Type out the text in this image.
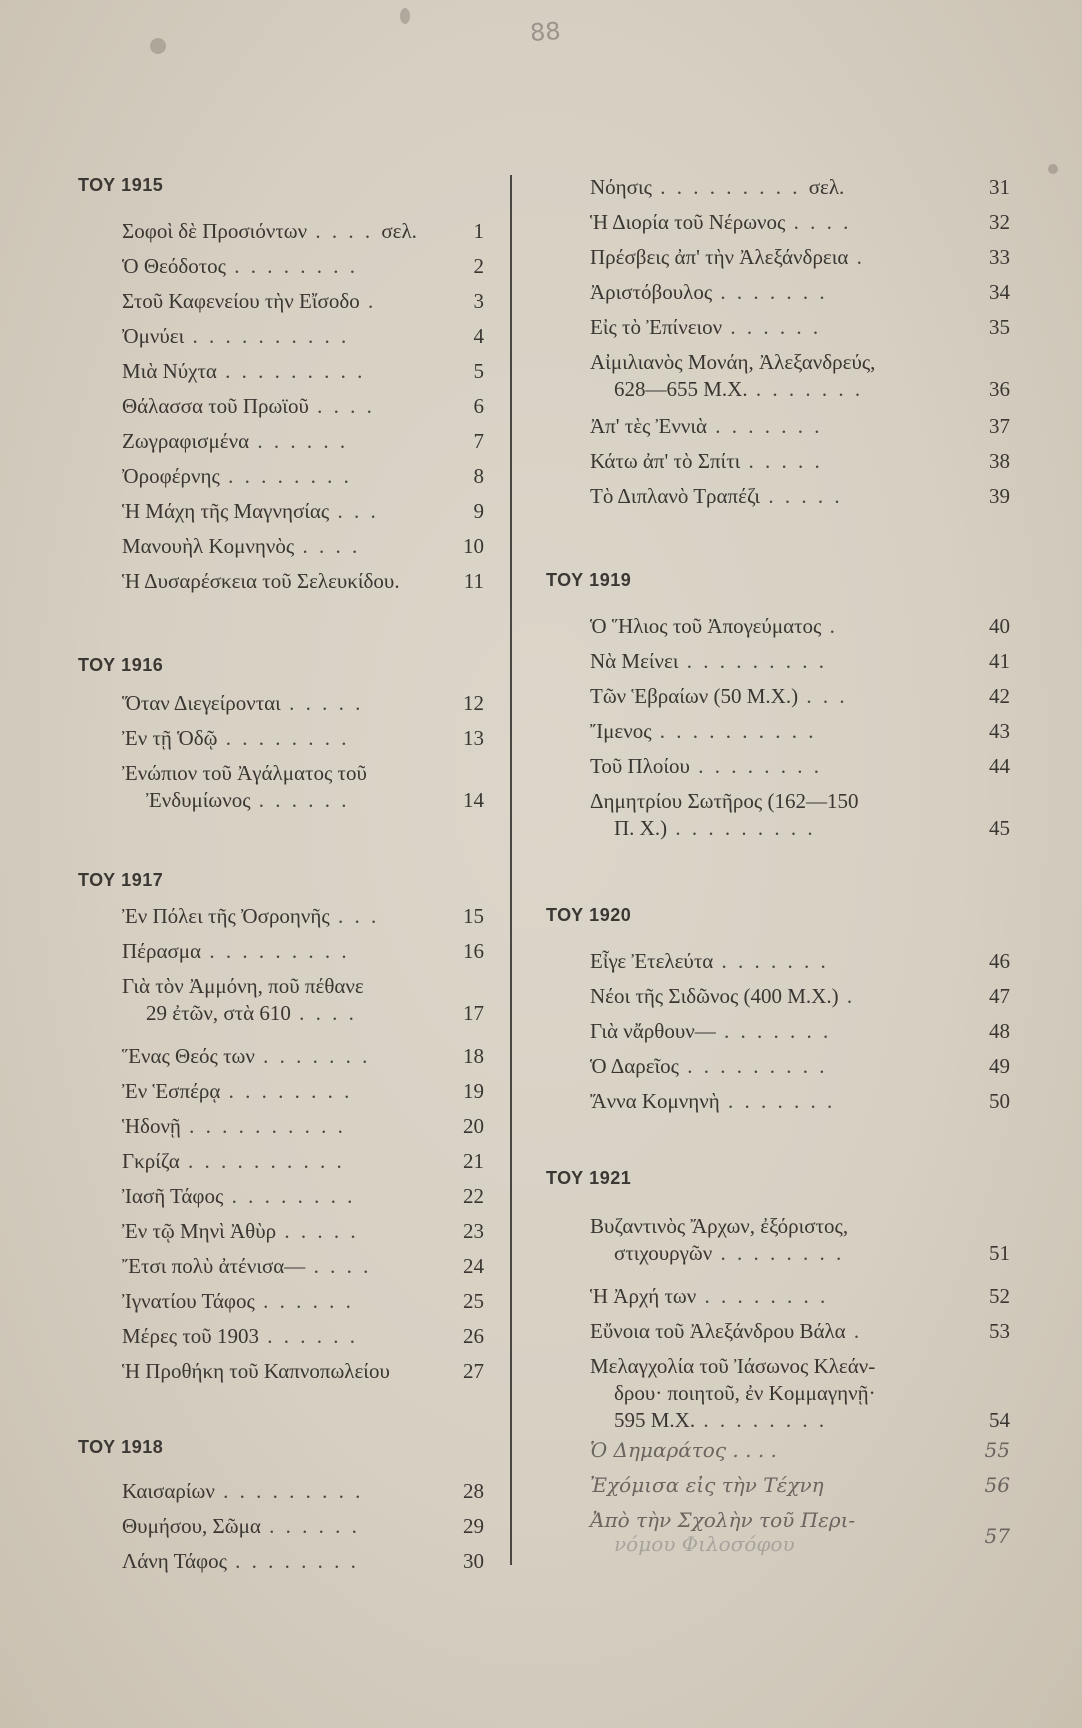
88
ΤΟΥ 1915
Σοφοὶ δὲ Προσιόντων . . . . σελ.	1
Ὁ Θεόδοτος . . . . . . . .	2
Στοῦ Καφενείου τὴν Εἴσοδο .	3
Ὀμνύει . . . . . . . . . .	4
Μιὰ Νύχτα . . . . . . . . .	5
Θάλασσα τοῦ Πρωϊοῦ . . . .	6
Ζωγραφισμένα . . . . . .	7
Ὀροφέρνης . . . . . . . .	8
Ἡ Μάχη τῆς Μαγνησίας . . .	9
Μανουὴλ Κομνηνὸς . . . .	10
Ἡ Δυσαρέσκεια τοῦ Σελευκίδου.	11
ΤΟΥ 1916
Ὅταν Διεγείρονται . . . . .	12
Ἐν τῇ Ὁδῷ . . . . . . . .	13
Ἐνώπιον τοῦ Ἀγάλματος τοῦ
Ἐνδυμίωνος . . . . . .	14
ΤΟΥ 1917
Ἐν Πόλει τῆς Ὀσροηνῆς . . .	15
Πέρασμα . . . . . . . . .	16
Γιὰ τὸν Ἀμμόνη, ποῦ πέθανε
29 ἐτῶν, στὰ 610 . . . .	17
Ἕνας Θεός των . . . . . . .	18
Ἐν Ἑσπέρᾳ . . . . . . . .	19
Ἡδονῇ . . . . . . . . . .	20
Γκρίζα . . . . . . . . . .	21
Ἰασῆ Τάφος . . . . . . . .	22
Ἐν τῷ Μηνὶ Ἀθὺρ . . . . .	23
Ἔτσι πολὺ ἀτένισα— . . . .	24
Ἰγνατίου Τάφος . . . . . .	25
Μέρες τοῦ 1903 . . . . . .	26
Ἡ Προθήκη τοῦ Καπνοπωλείου	27
ΤΟΥ 1918
Καισαρίων . . . . . . . . .	28
Θυμήσου, Σῶμα . . . . . .	29
Λάνη Τάφος . . . . . . . .	30
Νόησις . . . . . . . . . σελ.	31
Ἡ Διορία τοῦ Νέρωνος . . . .	32
Πρέσβεις ἀπ' τὴν Ἀλεξάνδρεια .	33
Ἀριστόβουλος . . . . . . .	34
Εἰς τὸ Ἐπίνειον . . . . . .	35
Αἰμιλιανὸς Μονάη, Ἀλεξανδρεύς,
628—655 Μ.Χ. . . . . . . .	36
Ἀπ' τὲς Ἐννιὰ . . . . . . .	37
Κάτω ἀπ' τὸ Σπίτι . . . . .	38
Τὸ Διπλανὸ Τραπέζι . . . . .	39
ΤΟΥ 1919
Ὁ Ἥλιος τοῦ Ἀπογεύματος .	40
Νὰ Μείνει . . . . . . . . .	41
Τῶν Ἑβραίων (50 Μ.Χ.) . . .	42
Ἴμενος . . . . . . . . . .	43
Τοῦ Πλοίου . . . . . . . .	44
Δημητρίου Σωτῆρος (162—150
Π. Χ.) . . . . . . . . .	45
ΤΟΥ 1920
Εἶγε Ἐτελεύτα . . . . . . .	46
Νέοι τῆς Σιδῶνος (400 Μ.Χ.) .	47
Γιὰ νἄρθουν— . . . . . . .	48
Ὁ Δαρεῖος . . . . . . . . .	49
Ἄννα Κομνηνὴ . . . . . . .	50
ΤΟΥ 1921
Βυζαντινὸς Ἄρχων, ἐξόριστος,
στιχουργῶν . . . . . . . .	51
Ἡ Ἀρχή των . . . . . . . .	52
Εὔνοια τοῦ Ἀλεξάνδρου Βάλα .	53
Μελαγχολία τοῦ Ἰάσωνος Κλεάν-
δρου· ποιητοῦ, ἐν Κομμαγηνῇ·
595 Μ.Χ. . . . . . . . .	54
Ὁ Δημαράτος . . . .	55
Ἐχόμισα εἰς τὴν Τέχνη	56
Ἀπὸ τὴν Σχολὴν τοῦ Περι-
νόμου Φιλοσόφου	57
